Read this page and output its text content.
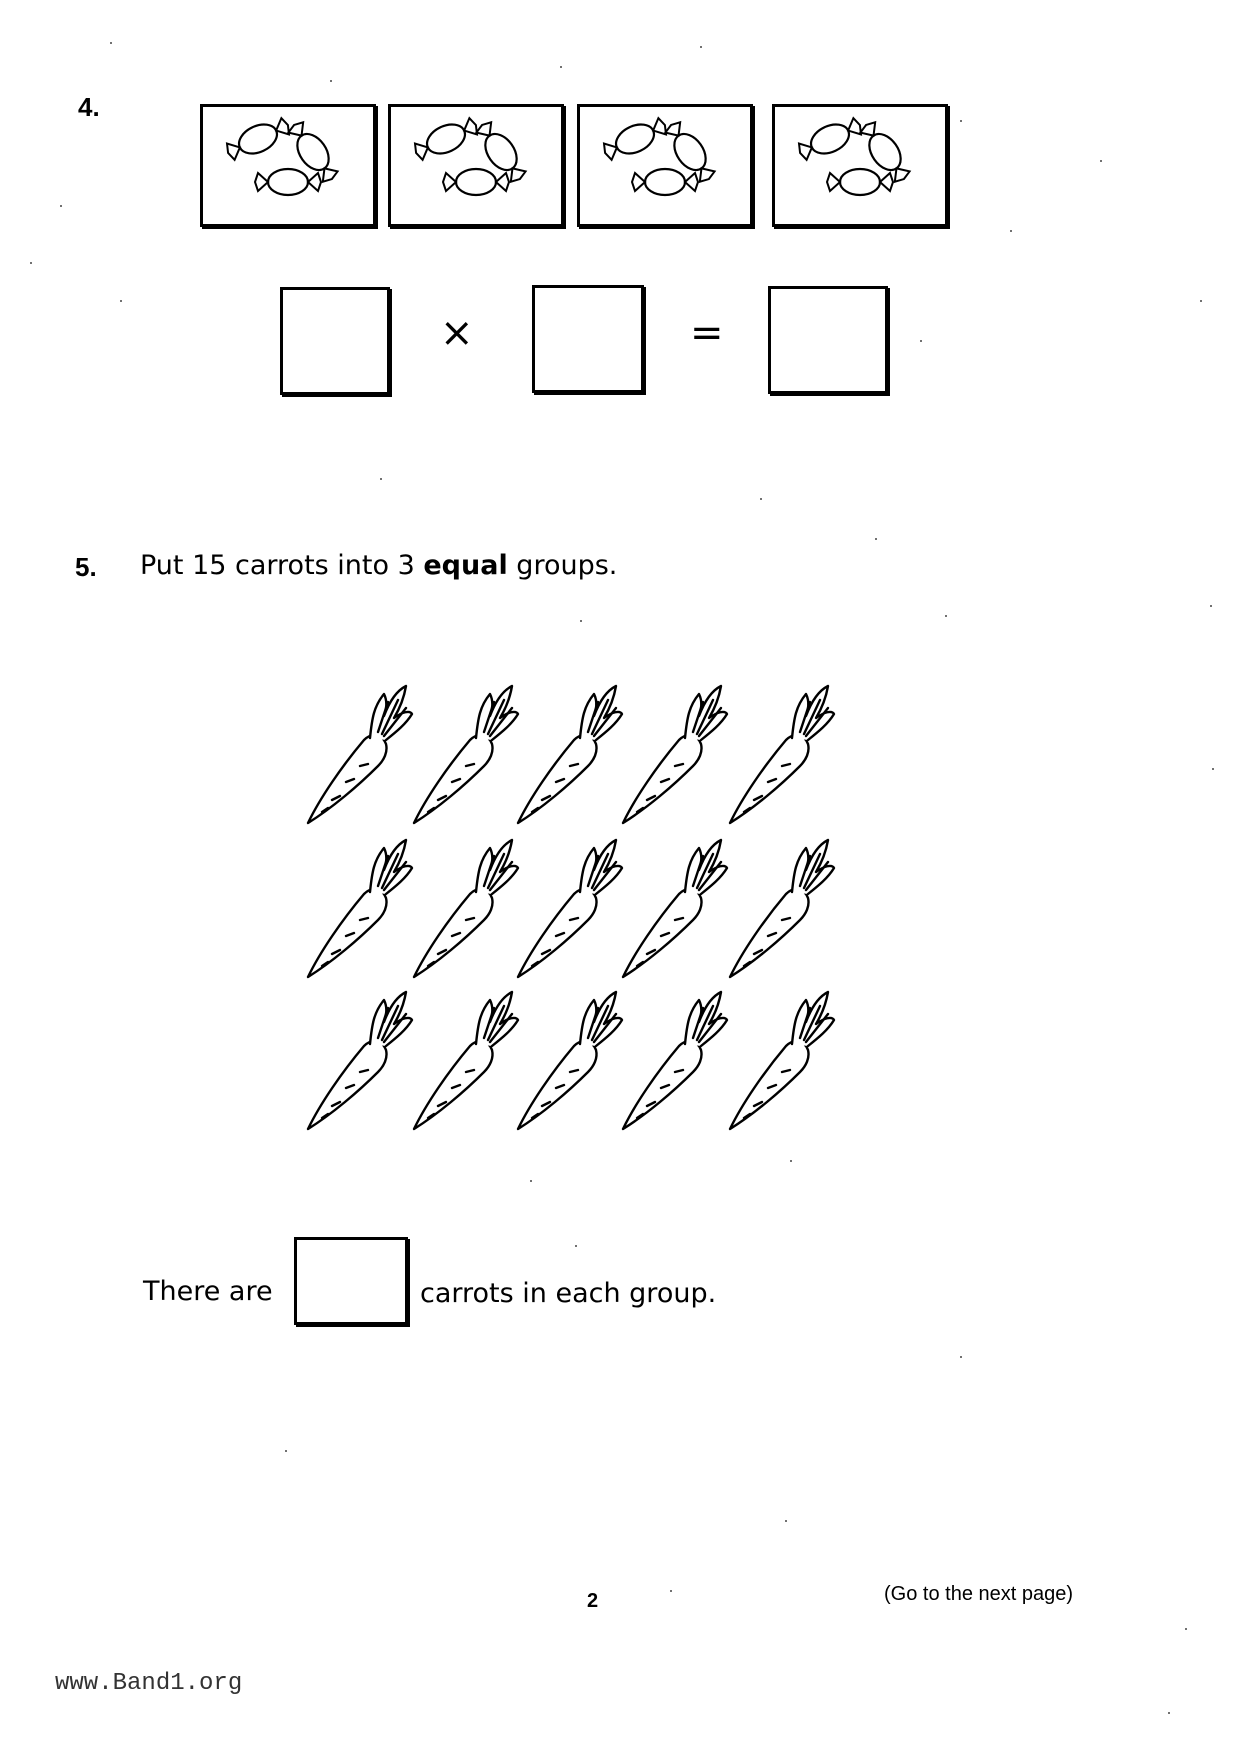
4.
×	=
5. Put 15 carrots into 3 equal groups.
There are	carrots in each group.
2	(Go to the next page)
www.Band1.org
